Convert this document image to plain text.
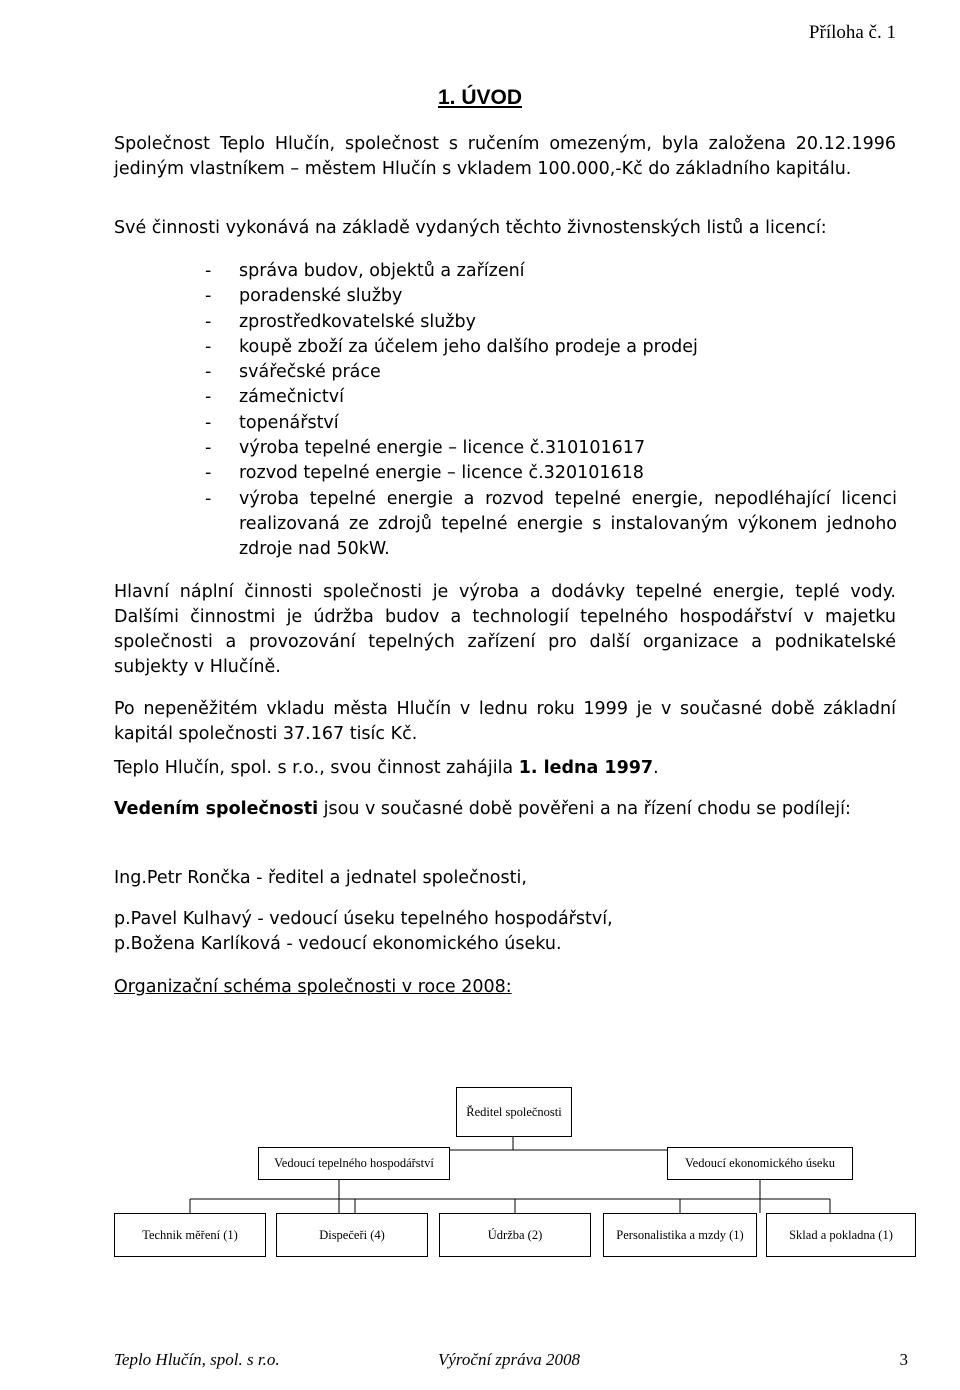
Příloha č. 1
1. ÚVOD
Společnost Teplo Hlučín, společnost s ručením omezeným, byla založena 20.12.1996 jediným vlastníkem – městem Hlučín s vkladem 100.000,-Kč do základního kapitálu.
Své činnosti vykonává na základě vydaných těchto živnostenských listů a licencí:
- správa budov, objektů a zařízení
- poradenské služby
- zprostředkovatelské služby
- koupě zboží za účelem jeho dalšího prodeje a prodej
- svářečské práce
- zámečnictví
- topenářství
- výroba tepelné energie – licence č.310101617
- rozvod tepelné energie – licence č.320101618
- výroba tepelné energie a rozvod tepelné energie, nepodléhající licenci realizovaná ze zdrojů tepelné energie s instalovaným výkonem jednoho zdroje nad 50kW.
Hlavní náplní činnosti společnosti je výroba a dodávky tepelné energie, teplé vody. Dalšími činnostmi je údržba budov a technologií tepelného hospodářství v majetku společnosti a provozování tepelných zařízení pro další organizace a podnikatelské subjekty v Hlučíně.
Po nepeněžitém vkladu města Hlučín v lednu roku 1999 je v současné době základní kapitál společnosti 37.167 tisíc Kč.
Teplo Hlučín, spol. s r.o., svou činnost zahájila 1. ledna 1997.
Vedením společnosti jsou v současné době pověřeni a na řízení chodu se podílejí:
Ing.Petr Rončka - ředitel a jednatel společnosti,
p.Pavel Kulhavý - vedoucí úseku tepelného hospodářství,
p.Božena Karlíková - vedoucí ekonomického úseku.
Organizační schéma společnosti v roce 2008:
Ředitel společnosti
Vedoucí tepelného hospodářství	Vedoucí ekonomického úseku
Technik měření (1)	Dispečeři (4)	Údržba (2)	Personalistika a mzdy (1)	Sklad a pokladna (1)
Teplo Hlučín, spol. s r.o.	Výroční zpráva 2008	3
